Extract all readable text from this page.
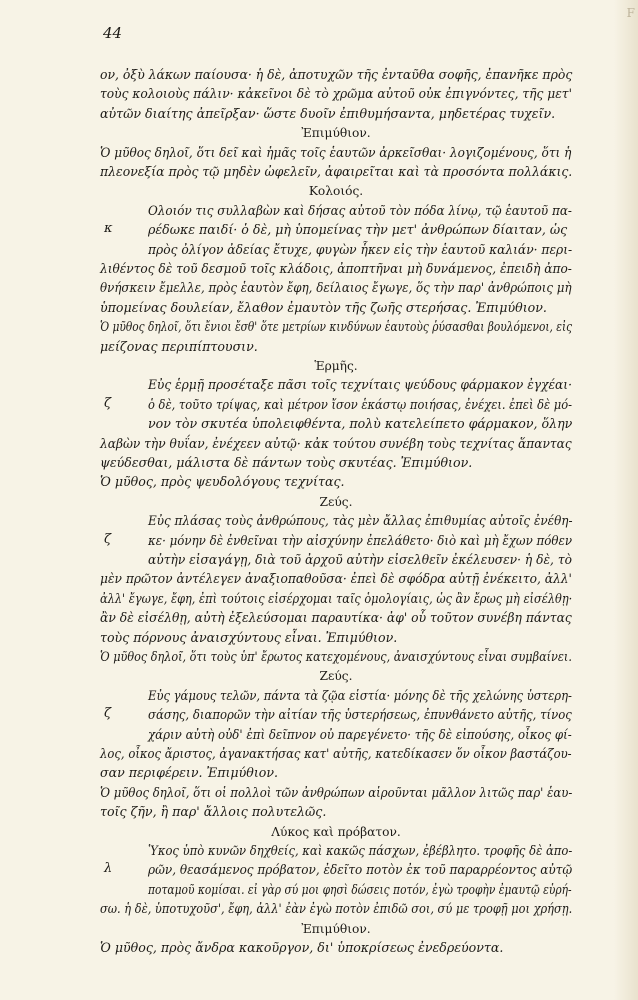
F
44
ον, ὀξὺ λάκων παίουσα· ἡ δὲ, ἀποτυχῶν τῆς ἐνταῦθα σοφῆς, ἐπανῆκε πρὸς
τοὺς κολοιοὺς πάλιν· κἀκεῖνοι δὲ τὸ χρῶμα αὐτοῦ οὐκ ἐπιγνόντες, τῆς μετ'
αὐτῶν διαίτης ἀπεῖρξαν· ὥστε δυοῖν ἐπιθυμήσαντα, μηδετέρας τυχεῖν.
Ἐπιμύθιον.
Ὁ μῦθος δηλοῖ, ὅτι δεῖ καὶ ἡμᾶς τοῖς ἑαυτῶν ἀρκεῖσθαι· λογιζομένους, ὅτι ἡ
πλεονεξία πρὸς τῷ μηδὲν ὠφελεῖν, ἀφαιρεῖται καὶ τὰ προσόντα πολλάκις.
Κολοιός.
Ολοιόν τις συλλαβὼν καὶ δήσας αὐτοῦ τὸν πόδα λίνῳ, τῷ ἑαυτοῦ πα-
ρέδωκε παιδί· ὁ δὲ, μὴ ὑπομείνας τὴν μετ' ἀνθρώπων δίαιταν, ὡς
κ
πρὸς ὀλίγον ἀδείας ἔτυχε, φυγὼν ἧκεν εἰς τὴν ἑαυτοῦ καλιάν· περι-
λιθέντος δὲ τοῦ δεσμοῦ τοῖς κλάδοις, ἀποπτῆναι μὴ δυνάμενος, ἐπειδὴ ἀπο-
θνήσκειν ἔμελλε, πρὸς ἑαυτὸν ἔφη, δείλαιος ἔγωγε, ὅς τὴν παρ' ἀνθρώποις μὴ
ὑπομείνας δουλείαν, ἔλαθον ἐμαυτὸν τῆς ζωῆς στερήσας. Ἐπιμύθιον.
Ὁ μῦθος δηλοῖ, ὅτι ἔνιοι ἔσθ' ὅτε μετρίων κινδύνων ἑαυτοὺς ῥύσασθαι βουλόμενοι, εἰς
μείζονας περιπίπτουσιν.
Ἑρμῆς.
Εὐς ἑρμῇ προσέταξε πᾶσι τοῖς τεχνίταις ψεύδους φάρμακον ἐγχέαι·
ὁ δὲ, τοῦτο τρίψας, καὶ μέτρον ἴσον ἑκάστῳ ποιήσας, ἐνέχει. ἐπεὶ δὲ μό-
ζ
νον τὸν σκυτέα ὑπολειφθέντα, πολὺ κατελείπετο φάρμακον, ὅλην
λαβὼν τὴν θυΐαν, ἐνέχεεν αὐτῷ· κἀκ τούτου συνέβη τοὺς τεχνίτας ἅπαντας
ψεύδεσθαι, μάλιστα δὲ πάντων τοὺς σκυτέας. Ἐπιμύθιον.
Ὁ μῦθος, πρὸς ψευδολόγους τεχνίτας.
Ζεύς.
Εὐς πλάσας τοὺς ἀνθρώπους, τὰς μὲν ἄλλας ἐπιθυμίας αὐτοῖς ἐνέθη-
κε· μόνην δὲ ἐνθεῖναι τὴν αἰσχύνην ἐπελάθετο· διὸ καὶ μὴ ἔχων πόθεν
ζ
αὐτὴν εἰσαγάγῃ, διὰ τοῦ ἀρχοῦ αὐτὴν εἰσελθεῖν ἐκέλευσεν· ἡ δὲ, τὸ
μὲν πρῶτον ἀντέλεγεν ἀναξιοπαθοῦσα· ἐπεὶ δὲ σφόδρα αὐτῇ ἐνέκειτο, ἀλλ'
ἀλλ' ἔγωγε, ἔφη, ἐπὶ τούτοις εἰσέρχομαι ταῖς ὁμολογίαις, ὡς ἂν ἔρως μὴ εἰσέλθῃ·
ἂν δὲ εἰσέλθῃ, αὐτὴ ἐξελεύσομαι παραυτίκα· ἀφ' οὗ τοῦτον συνέβη πάντας
τοὺς πόρνους ἀναισχύντους εἶναι. Ἐπιμύθιον.
Ὁ μῦθος δηλοῖ, ὅτι τοὺς ὑπ' ἔρωτος κατεχομένους, ἀναισχύντους εἶναι συμβαίνει.
Ζεύς.
Εὐς γάμους τελῶν, πάντα τὰ ζῷα εἱστία· μόνης δὲ τῆς χελώνης ὑστερη-
σάσης, διαπορῶν τὴν αἰτίαν τῆς ὑστερήσεως, ἐπυνθάνετο αὐτῆς, τίνος
ζ
χάριν αὐτὴ οὐδ' ἐπὶ δεῖπνον οὐ παρεγένετο· τῆς δὲ εἰπούσης, οἶκος φί-
λος, οἶκος ἄριστος, ἀγανακτήσας κατ' αὐτῆς, κατεδίκασεν ὅν οἶκον βαστάζου-
σαν περιφέρειν. Ἐπιμύθιον.
Ὁ μῦθος δηλοῖ, ὅτι οἱ πολλοὶ τῶν ἀνθρώπων αἱροῦνται μᾶλλον λιτῶς παρ' ἑαυ-
τοῖς ζῆν, ἢ παρ' ἄλλοις πολυτελῶς.
Λύκος καὶ πρόβατον.
Ὑκος ὑπὸ κυνῶν δηχθείς, καὶ κακῶς πάσχων, ἐβέβλητο. τροφῆς δὲ ἀπο-
ρῶν, θεασάμενος πρόβατον, ἐδεῖτο ποτὸν ἐκ τοῦ παραρρέοντος αὐτῷ
λ
ποταμοῦ κομίσαι. εἰ γὰρ σύ μοι φησὶ δώσεις ποτόν, ἐγὼ τροφὴν ἐμαυτῷ εὑρή-
σω. ἡ δὲ, ὑποτυχοῦσ', ἔφη, ἀλλ' ἐὰν ἐγὼ ποτὸν ἐπιδῶ σοι, σύ με τροφῇ μοι χρήσῃ.
Ἐπιμύθιον.
Ὁ μῦθος, πρὸς ἄνδρα κακοῦργον, δι' ὑποκρίσεως ἐνεδρεύοντα.
